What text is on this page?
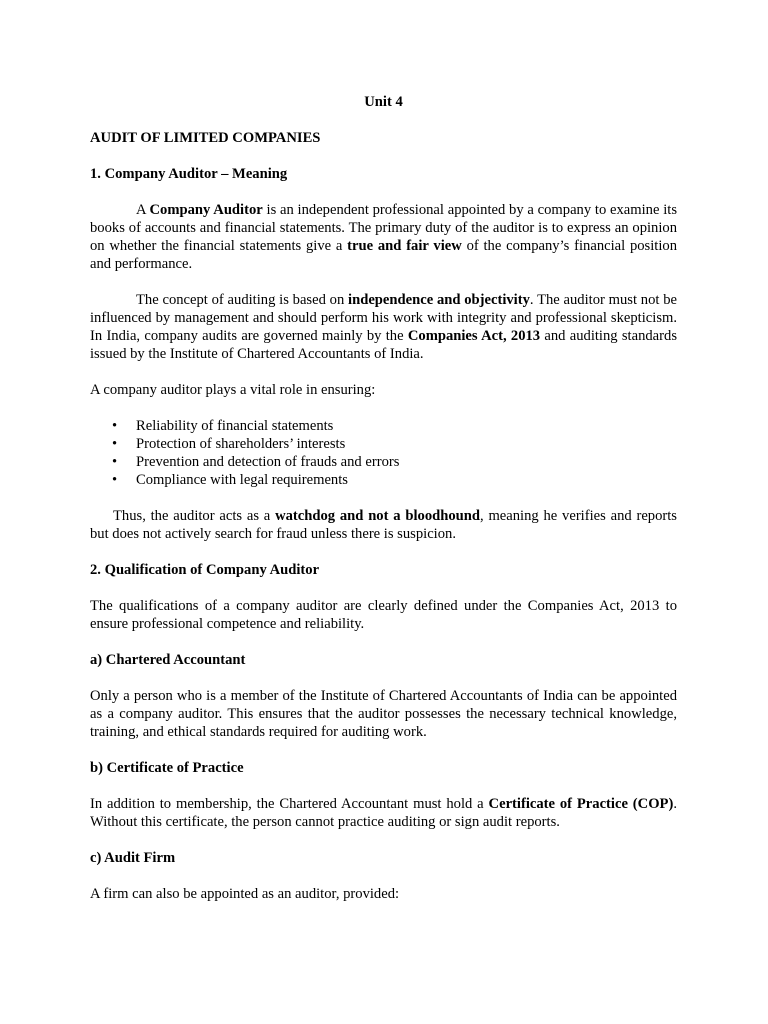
Unit 4

AUDIT OF LIMITED COMPANIES

1. Company Auditor – Meaning

A Company Auditor is an independent professional appointed by a company to examine its books of accounts and financial statements. The primary duty of the auditor is to express an opinion on whether the financial statements give a true and fair view of the company’s financial position and performance.

The concept of auditing is based on independence and objectivity. The auditor must not be influenced by management and should perform his work with integrity and professional skepticism. In India, company audits are governed mainly by the Companies Act, 2013 and auditing standards issued by the Institute of Chartered Accountants of India.

A company auditor plays a vital role in ensuring:

• Reliability of financial statements
• Protection of shareholders’ interests
• Prevention and detection of frauds and errors
• Compliance with legal requirements

Thus, the auditor acts as a watchdog and not a bloodhound, meaning he verifies and reports but does not actively search for fraud unless there is suspicion.

2. Qualification of Company Auditor

The qualifications of a company auditor are clearly defined under the Companies Act, 2013 to ensure professional competence and reliability.

a) Chartered Accountant

Only a person who is a member of the Institute of Chartered Accountants of India can be appointed as a company auditor. This ensures that the auditor possesses the necessary technical knowledge, training, and ethical standards required for auditing work.

b) Certificate of Practice

In addition to membership, the Chartered Accountant must hold a Certificate of Practice (COP). Without this certificate, the person cannot practice auditing or sign audit reports.

c) Audit Firm

A firm can also be appointed as an auditor, provided:
